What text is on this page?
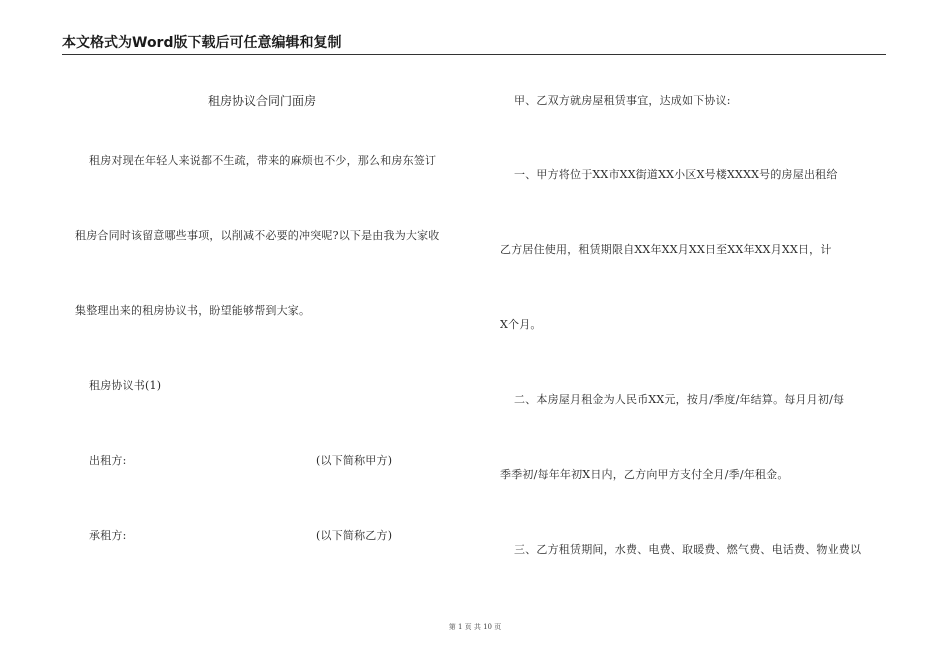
本文格式为Word版下载后可任意编辑和复制
租房协议合同门面房
租房对现在年轻人来说都不生疏，带来的麻烦也不少，那么和房东签订
租房合同时该留意哪些事项，以削减不必要的冲突呢?以下是由我为大家收
集整理出来的租房协议书，盼望能够帮到大家。
租房协议书(1)
出租方:	(以下简称甲方)
承租方:	(以下简称乙方)
甲、乙双方就房屋租赁事宜，达成如下协议:
一、甲方将位于XX市XX街道XX小区X号楼XXXX号的房屋出租给
乙方居住使用，租赁期限自XX年XX月XX日至XX年XX月XX日，计
X个月。
二、本房屋月租金为人民币XX元，按月/季度/年结算。每月月初/每
季季初/每年年初X日内，乙方向甲方支付全月/季/年租金。
三、乙方租赁期间，水费、电费、取暖费、燃气费、电话费、物业费以
第 1 页 共 10 页
